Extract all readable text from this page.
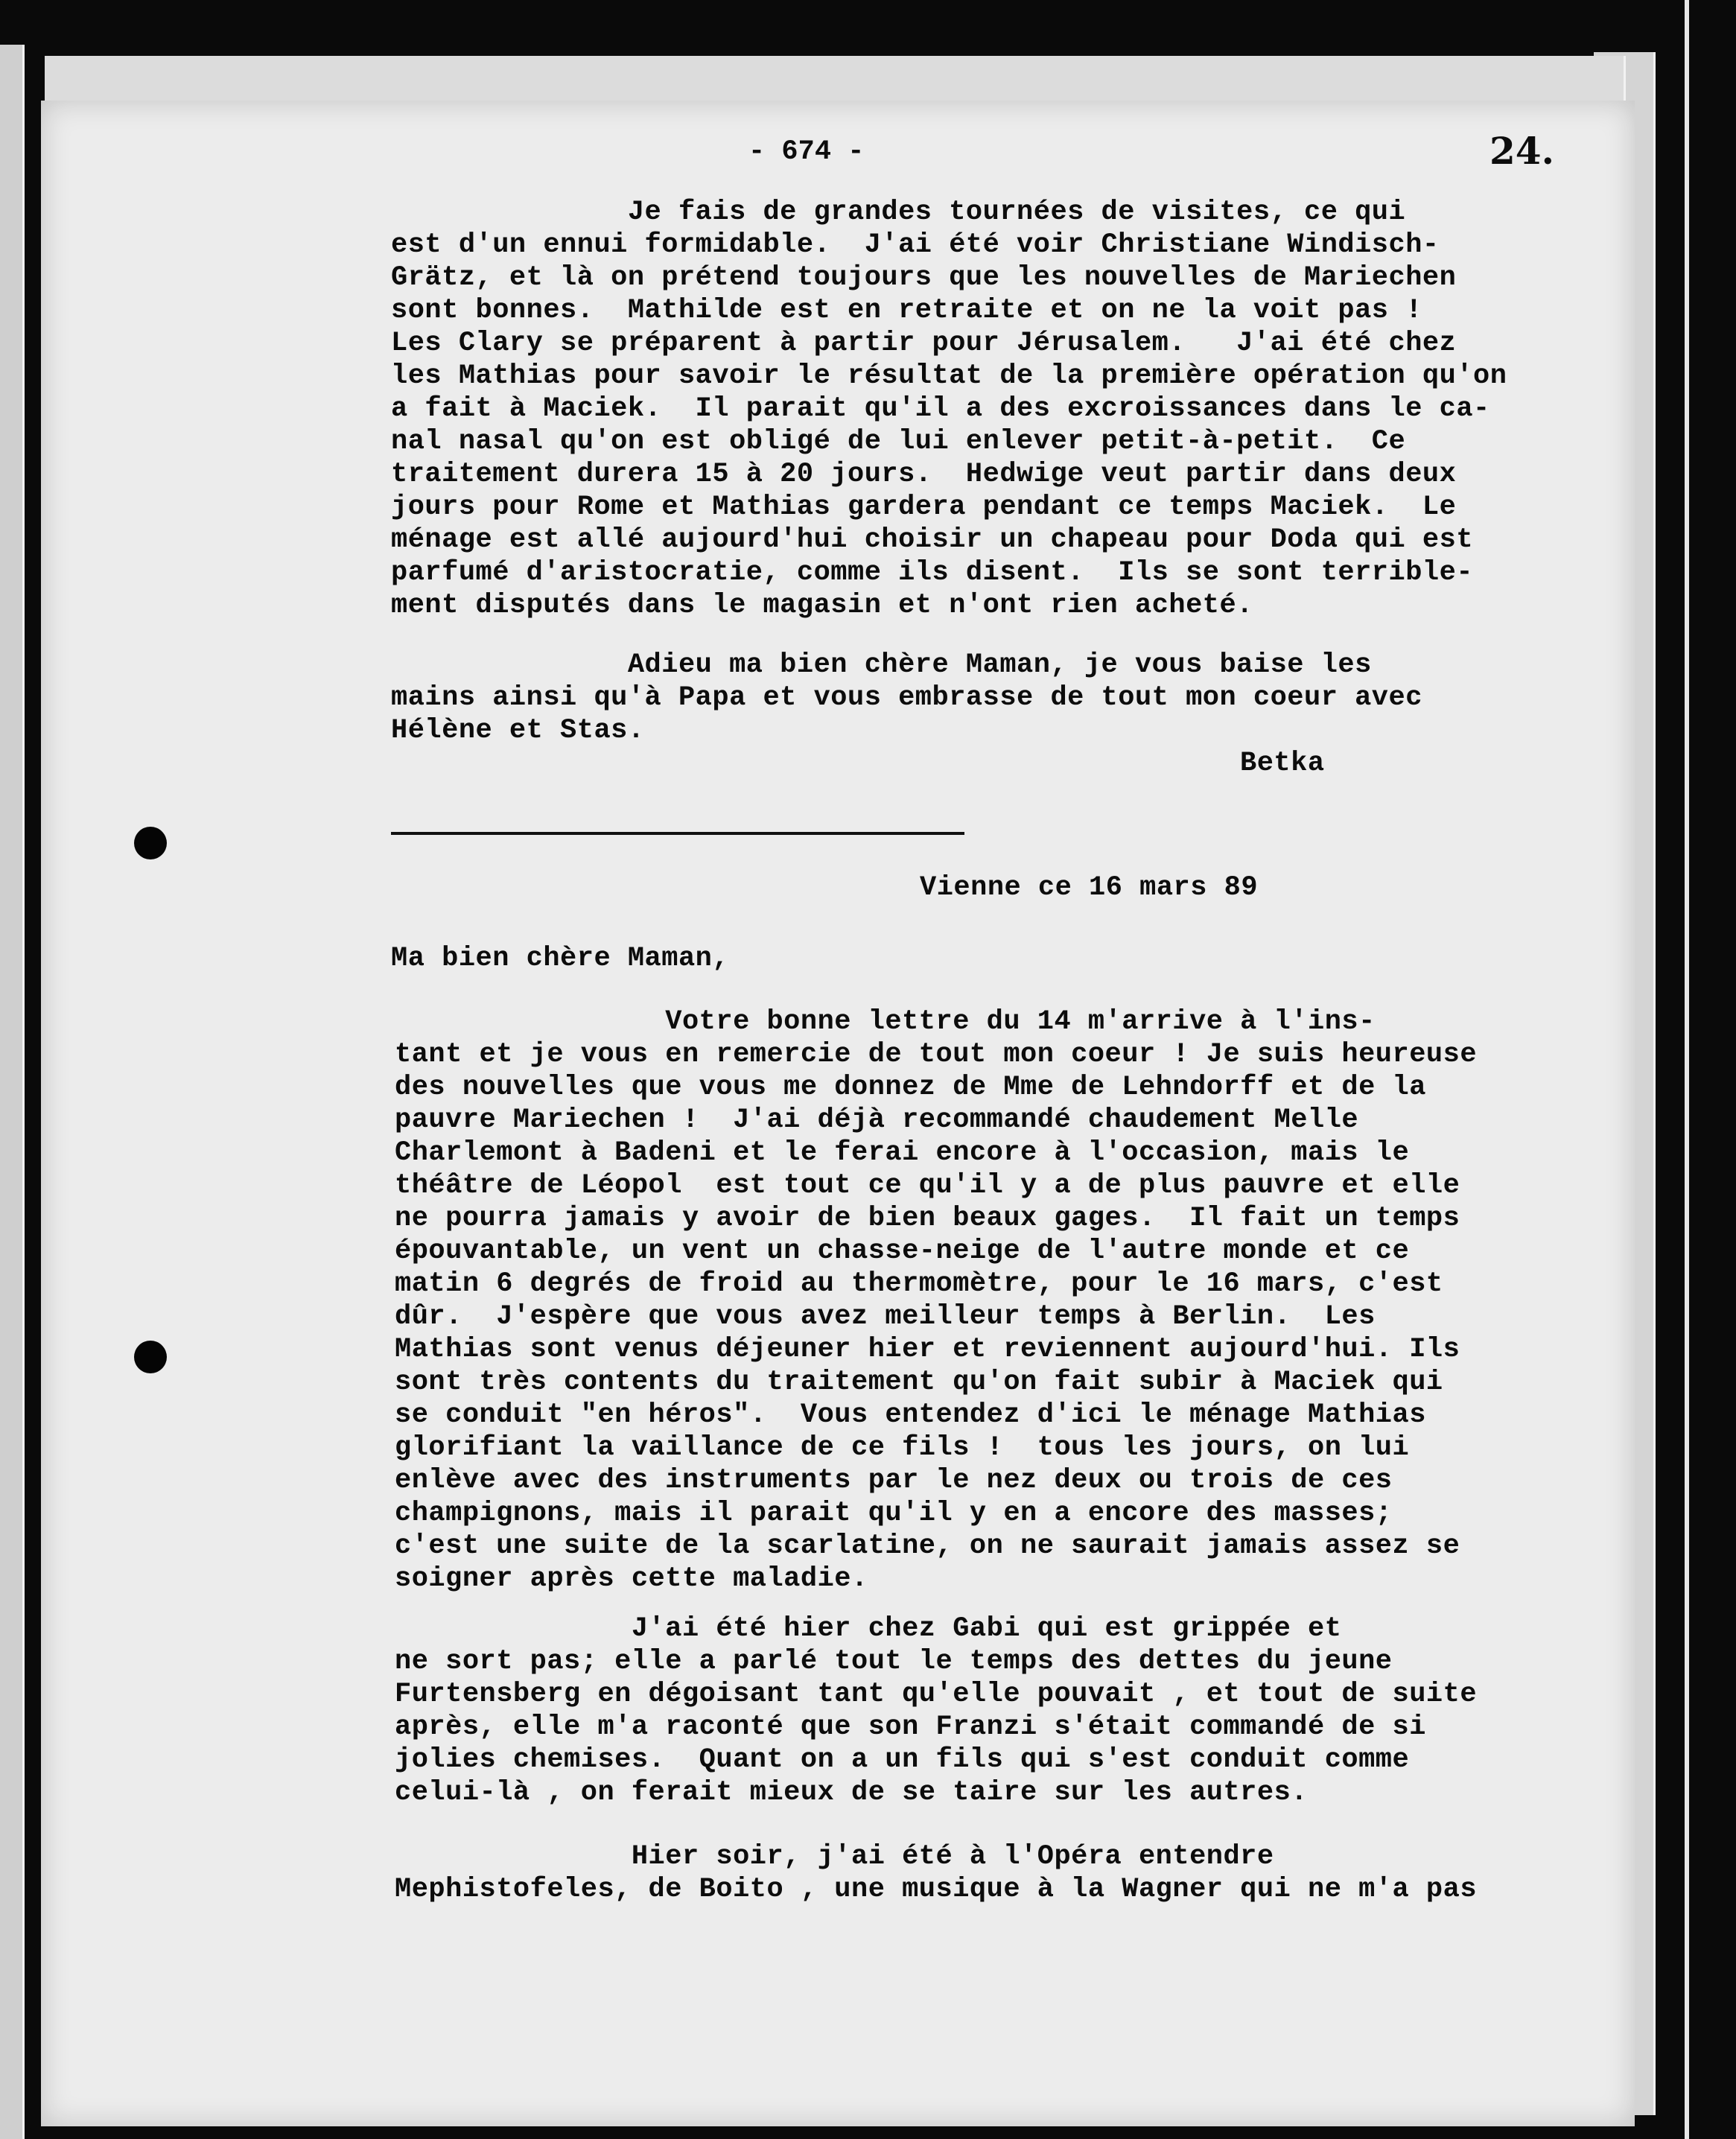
- 674 -	24.
Je fais de grandes tournées de visites, ce qui
est d'un ennui formidable.  J'ai été voir Christiane Windisch-
Grätz, et là on prétend toujours que les nouvelles de Mariechen
sont bonnes.  Mathilde est en retraite et on ne la voit pas !
Les Clary se préparent à partir pour Jérusalem.   J'ai été chez
les Mathias pour savoir le résultat de la première opération qu'on
a fait à Maciek.  Il parait qu'il a des excroissances dans le ca-
nal nasal qu'on est obligé de lui enlever petit-à-petit.  Ce
traitement durera 15 à 20 jours.  Hedwige veut partir dans deux
jours pour Rome et Mathias gardera pendant ce temps Maciek.  Le
ménage est allé aujourd'hui choisir un chapeau pour Doda qui est
parfumé d'aristocratie, comme ils disent.  Ils se sont terrible-
ment disputés dans le magasin et n'ont rien acheté.
Adieu ma bien chère Maman, je vous baise les
mains ainsi qu'à Papa et vous embrasse de tout mon coeur avec
Hélène et Stas.
Betka
Vienne ce 16 mars 89
Ma bien chère Maman,
Votre bonne lettre du 14 m'arrive à l'ins-
tant et je vous en remercie de tout mon coeur ! Je suis heureuse
des nouvelles que vous me donnez de Mme de Lehndorff et de la
pauvre Mariechen !  J'ai déjà recommandé chaudement Melle
Charlemont à Badeni et le ferai encore à l'occasion, mais le
théâtre de Léopol  est tout ce qu'il y a de plus pauvre et elle
ne pourra jamais y avoir de bien beaux gages.  Il fait un temps
épouvantable, un vent un chasse-neige de l'autre monde et ce
matin 6 degrés de froid au thermomètre, pour le 16 mars, c'est
dûr.  J'espère que vous avez meilleur temps à Berlin.  Les
Mathias sont venus déjeuner hier et reviennent aujourd'hui. Ils
sont très contents du traitement qu'on fait subir à Maciek qui
se conduit "en héros".  Vous entendez d'ici le ménage Mathias
glorifiant la vaillance de ce fils !  tous les jours, on lui
enlève avec des instruments par le nez deux ou trois de ces
champignons, mais il parait qu'il y en a encore des masses;
c'est une suite de la scarlatine, on ne saurait jamais assez se
soigner après cette maladie.
J'ai été hier chez Gabi qui est grippée et
ne sort pas; elle a parlé tout le temps des dettes du jeune
Furtensberg en dégoisant tant qu'elle pouvait , et tout de suite
après, elle m'a raconté que son Franzi s'était commandé de si
jolies chemises.  Quant on a un fils qui s'est conduit comme
celui-là , on ferait mieux de se taire sur les autres.
Hier soir, j'ai été à l'Opéra entendre
Mephistofeles, de Boito , une musique à la Wagner qui ne m'a pas
